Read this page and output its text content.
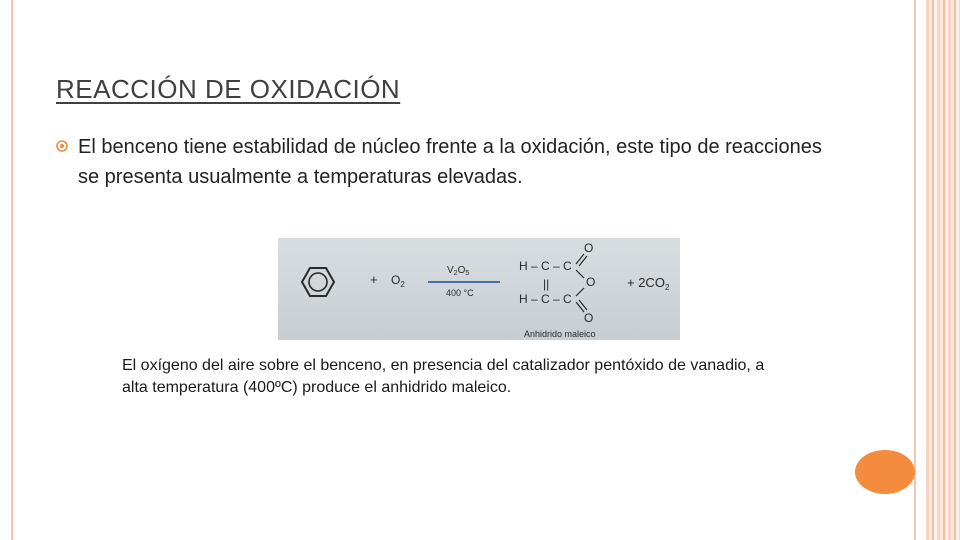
REACCIÓN DE OXIDACIÓN
El benceno tiene estabilidad de núcleo frente a la oxidación, este tipo de reacciones se presenta usualmente a temperaturas elevadas.
+ $O_2$
$V_2O_5$
400 °C
H – C – C
||
H – C – C
O
O
O
+ $2CO_2$
Anhidrido maleico
El oxígeno del aire sobre el benceno, en presencia del catalizador pentóxido de vanadio, a alta temperatura (400ºC) produce el anhidrido maleico.
